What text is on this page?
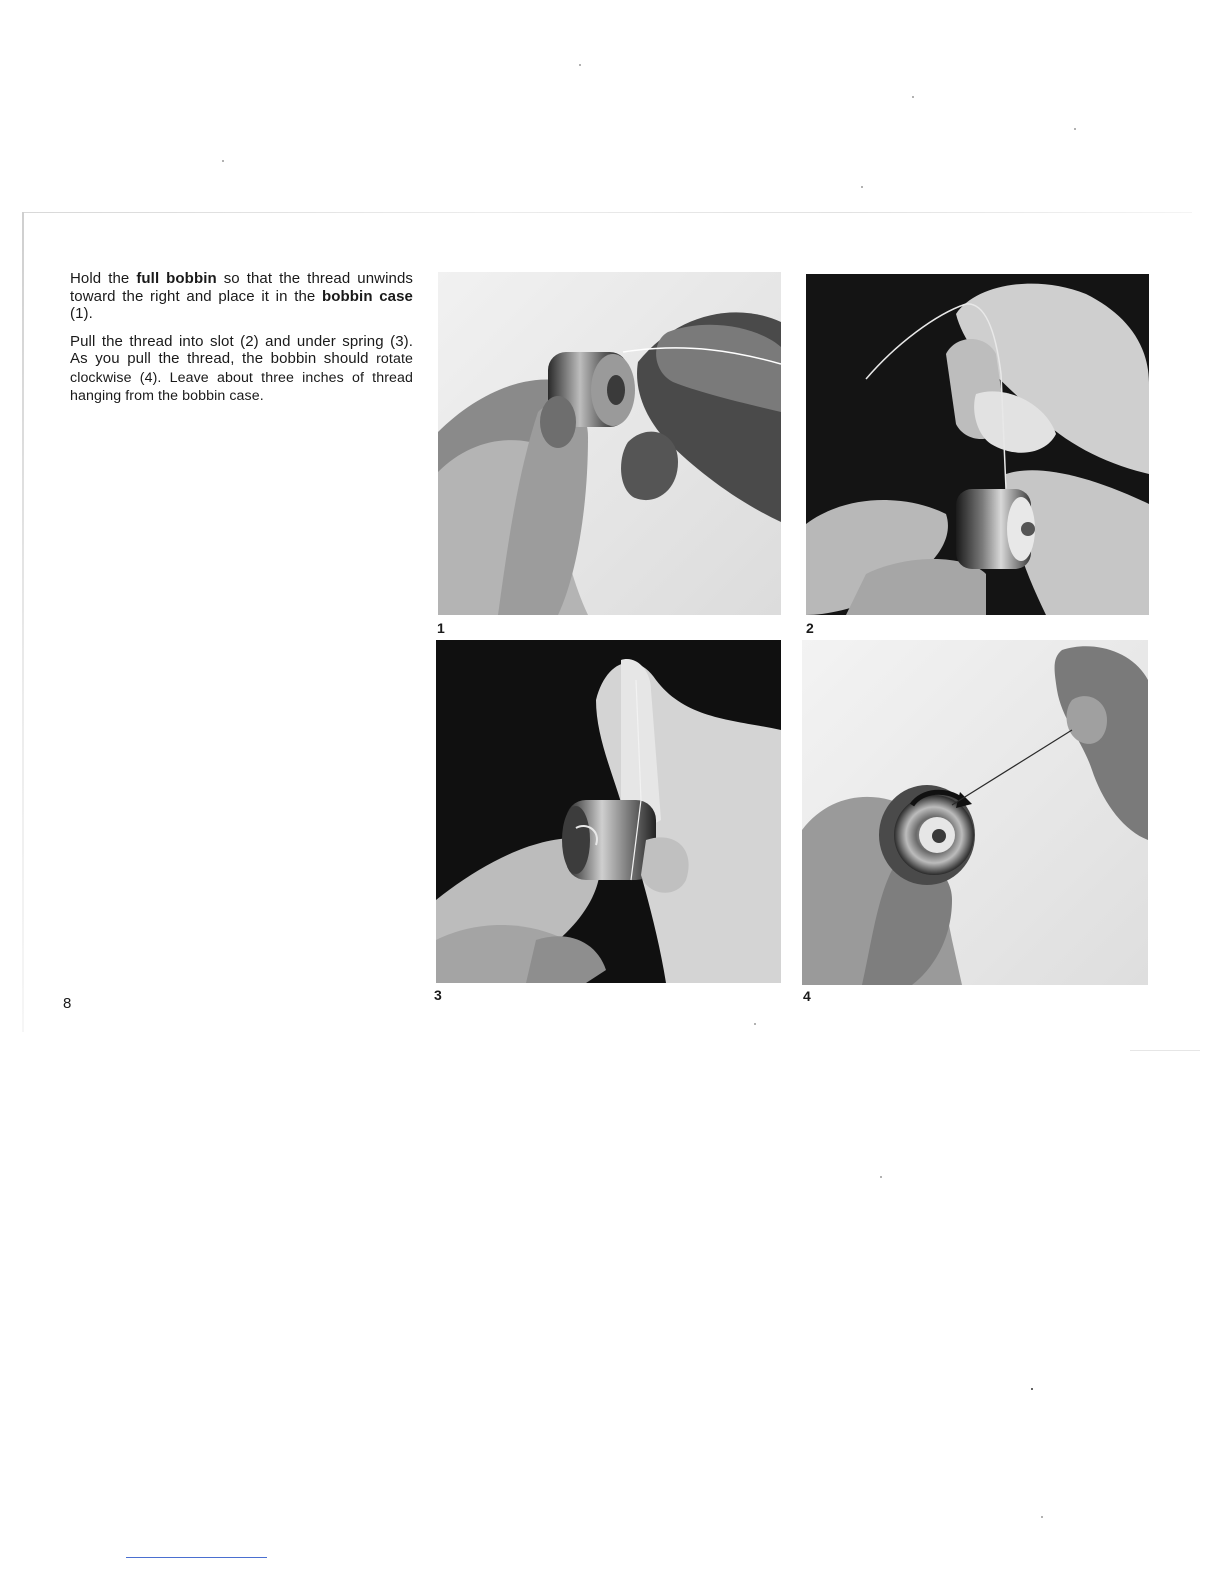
Hold the full bobbin so that the thread unwinds toward the right and place it in the bobbin case (1).

Pull the thread into slot (2) and under spring (3). As you pull the thread, the bobbin should rotate clockwise (4). Leave about three inches of thread hanging from the bobbin case.

1	2
3	4
8
